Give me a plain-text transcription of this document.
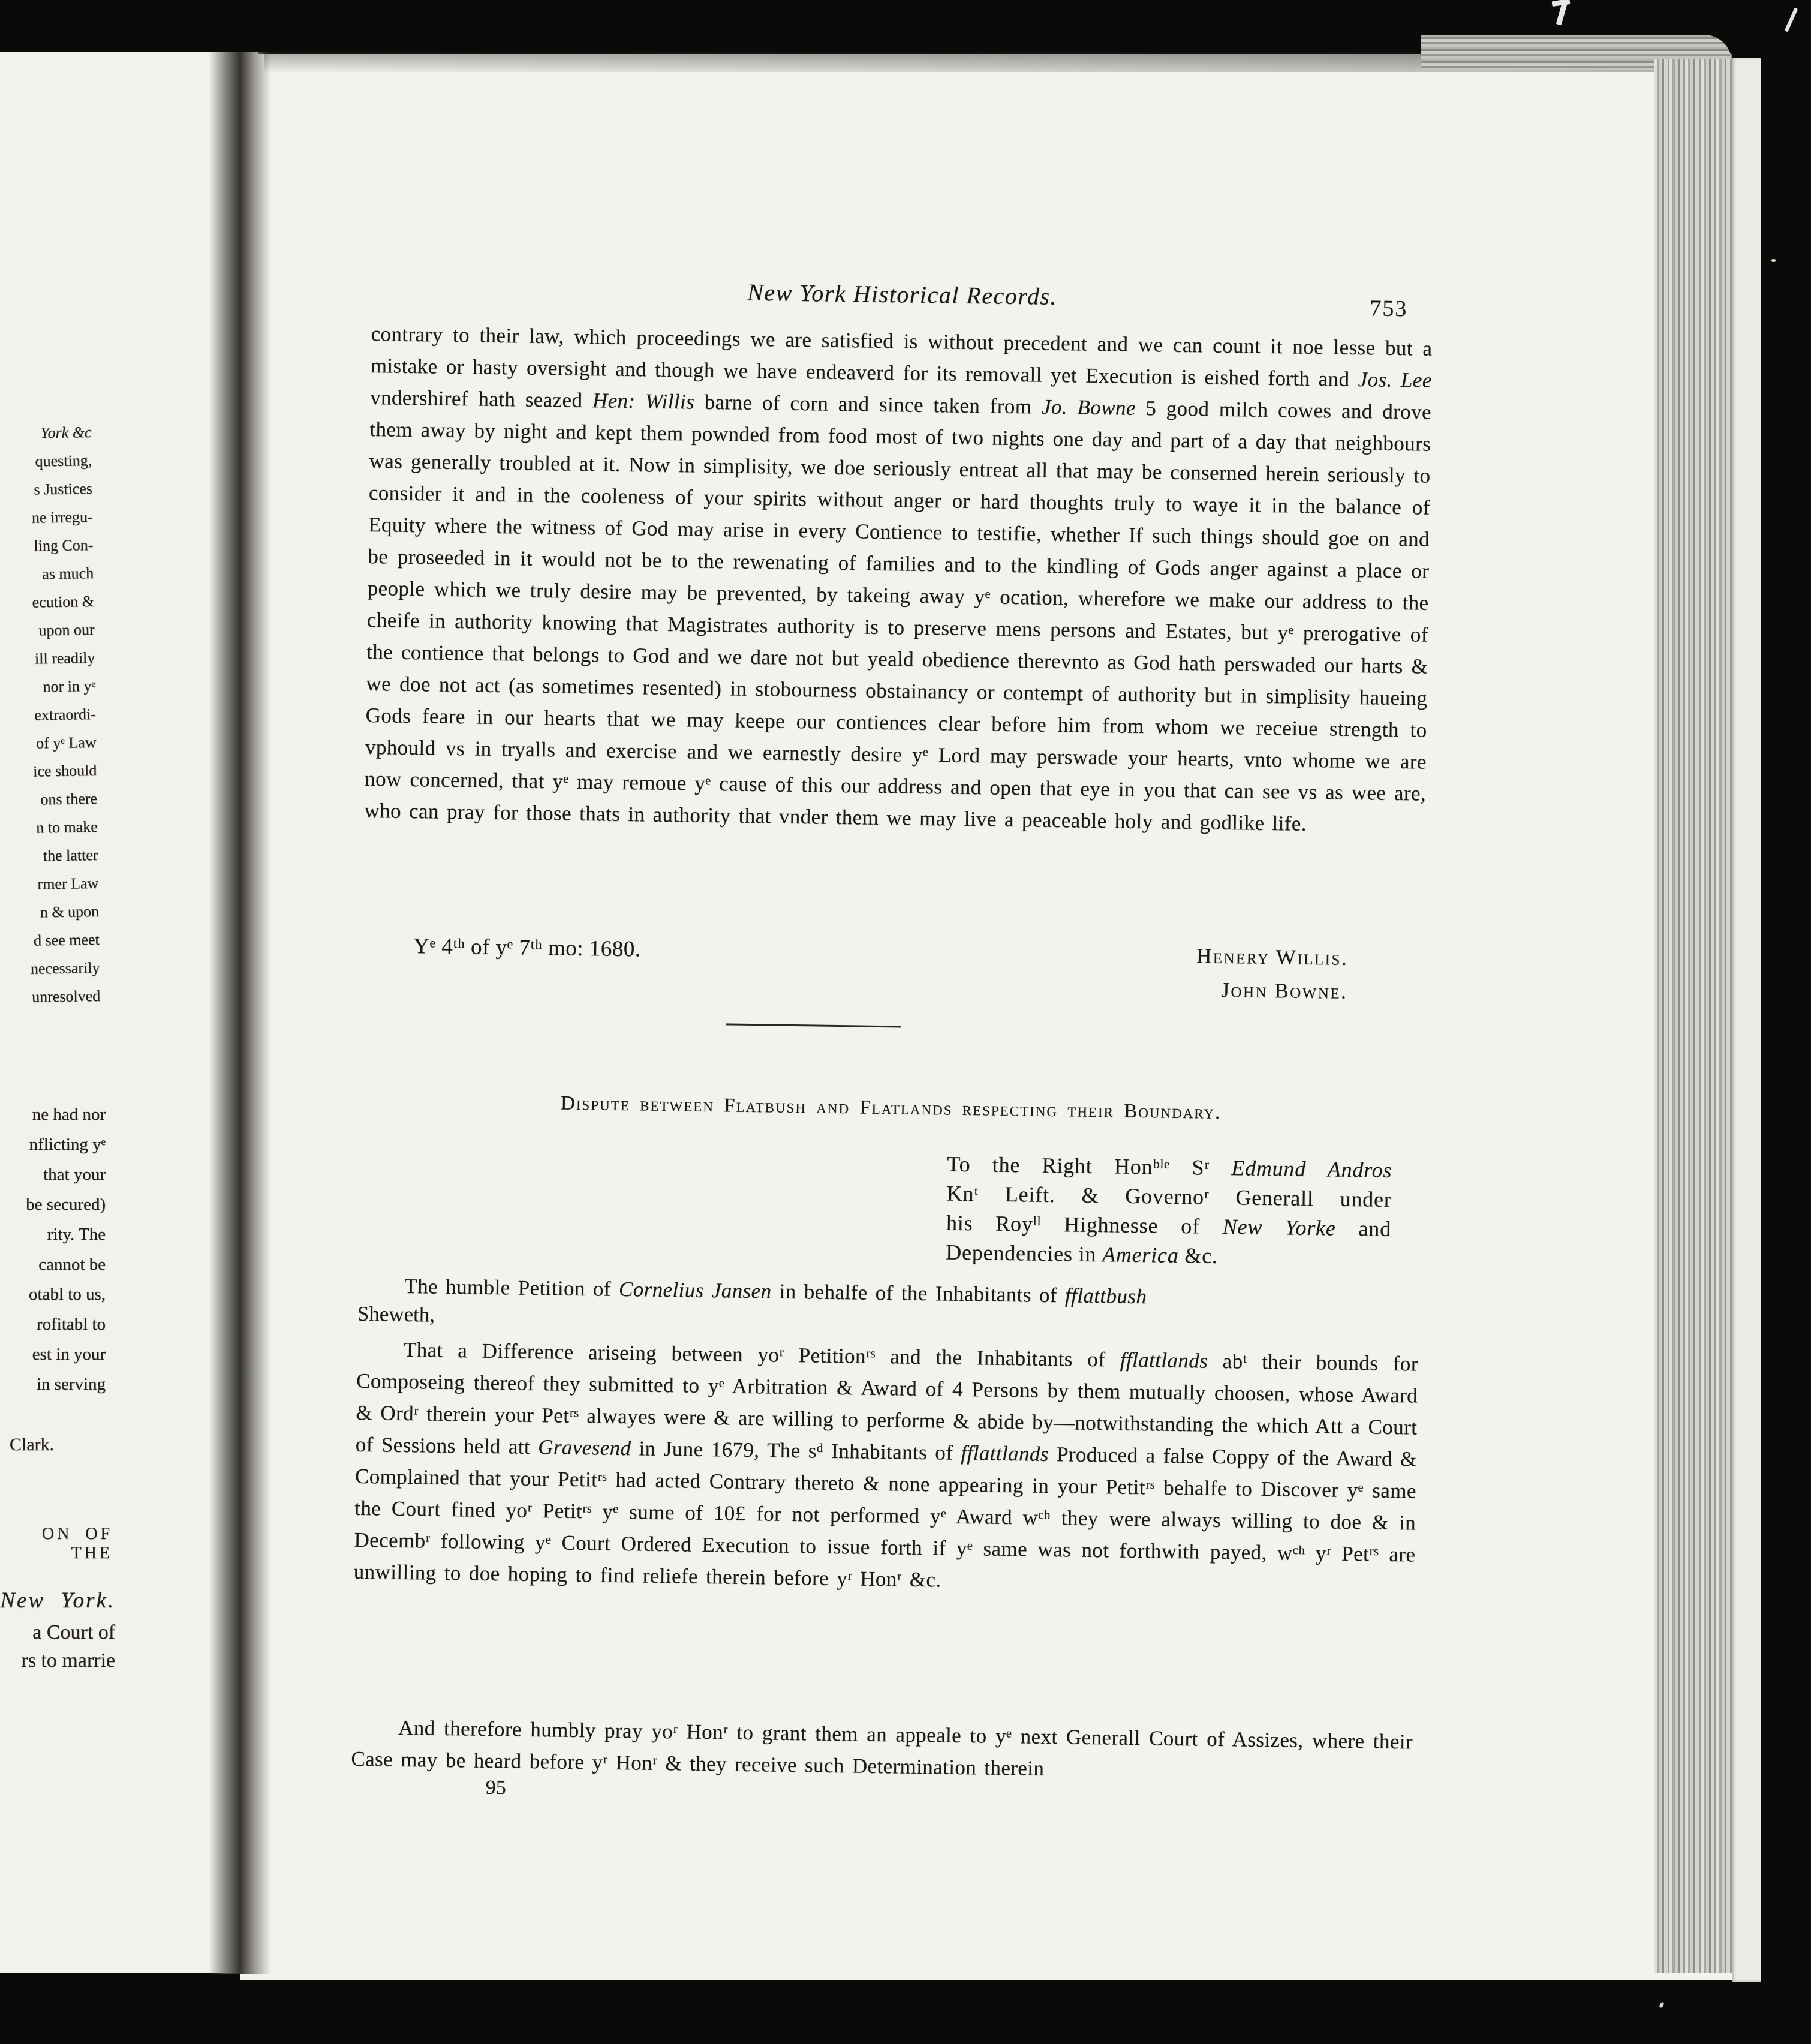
York &c
questing,
s Justices
ne irregu-
ling Con-
as much
ecution &
upon our
ill readily
nor in yᵉ
extraordi-
of yᵉ Law
ice should
ons there
n to make
the latter
rmer Law
n & upon
d see meet
necessarily
unresolved
ne had nor
nflicting yᵉ
that your
be secured)
rity. The
cannot be
otabl to us,
rofitabl to
est in your
in serving
Clark.
ON OF THE
New York.
a Court of
rs to marrie
New York Historical Records.	753
contrary to their law, which proceedings we are satisfied is without precedent and we can count it noe lesse but a mistake or hasty oversight and though we have endeaverd for its removall yet Execution is eished forth and Jos. Lee vndershiref hath seazed Hen: Willis barne of corn and since taken from Jo. Bowne 5 good milch cowes and drove them away by night and kept them pownded from food most of two nights one day and part of a day that neighbours was generally troubled at it. Now in simplisity, we doe seriously entreat all that may be conserned herein seriously to consider it and in the cooleness of your spirits without anger or hard thoughts truly to waye it in the balance of Equity where the witness of God may arise in every Contience to testifie, whether If such things should goe on and be proseeded in it would not be to the rewenating of families and to the kindling of Gods anger against a place or people which we truly desire may be prevented, by takeing away yᵉ ocation, wherefore we make our address to the cheife in authority knowing that Magistrates authority is to preserve mens persons and Estates, but yᵉ prerogative of the contience that belongs to God and we dare not but yeald obedience therevnto as God hath perswaded our harts & we doe not act (as sometimes resented) in stobourness obstainancy or contempt of authority but in simplisity haueing Gods feare in our hearts that we may keepe our contiences clear before him from whom we receiue strength to vphould vs in tryalls and exercise and we earnestly desire yᵉ Lord may perswade your hearts, vnto whome we are now concerned, that yᵉ may remoue yᵉ cause of this our address and open that eye in you that can see vs as wee are, who can pray for those thats in authority that vnder them we may live a peaceable holy and godlike life.
Yᵉ 4ᵗʰ of yᵉ 7ᵗʰ mo: 1680.	Henery Willis.
John Bowne.
Dispute between Flatbush and Flatlands respecting their Boundary.
To the Right Honᵇˡᵉ Sʳ Edmund Andros
Knᵗ Leift. & Governoʳ Generall under
his Royˡˡ Highnesse of New Yorke and
Dependencies in America &c.
The humble Petition of Cornelius Jansen in behalfe of the Inhabitants of fflattbush
Sheweth,
That a Difference ariseing between yoʳ Petitionʳˢ and the Inhabitants of fflattlands abᵗ their bounds for Composeing thereof they submitted to yᵉ Arbitration & Award of 4 Persons by them mutually choosen, whose Award & Ordʳ therein your Petʳˢ alwayes were & are willing to performe & abide by—notwithstanding the which Att a Court of Sessions held att Gravesend in June 1679, The sᵈ Inhabitants of fflattlands Produced a false Coppy of the Award & Complained that your Petitʳˢ had acted Contrary thereto & none appearing in your Petitʳˢ behalfe to Discover yᵉ same the Court fined yoʳ Petitʳˢ yᵉ sume of 10£ for not performed yᵉ Award wᶜʰ they were always willing to doe & in Decembʳ following yᵉ Court Ordered Execution to issue forth if yᵉ same was not forthwith payed, wᶜʰ yʳ Petʳˢ are unwilling to doe hoping to find reliefe therein before yʳ Honʳ &c.
And therefore humbly pray yoʳ Honʳ to grant them an appeale to yᵉ next Generall Court of Assizes, where their Case may be heard before yʳ Honʳ & they receive such Determination therein
95
